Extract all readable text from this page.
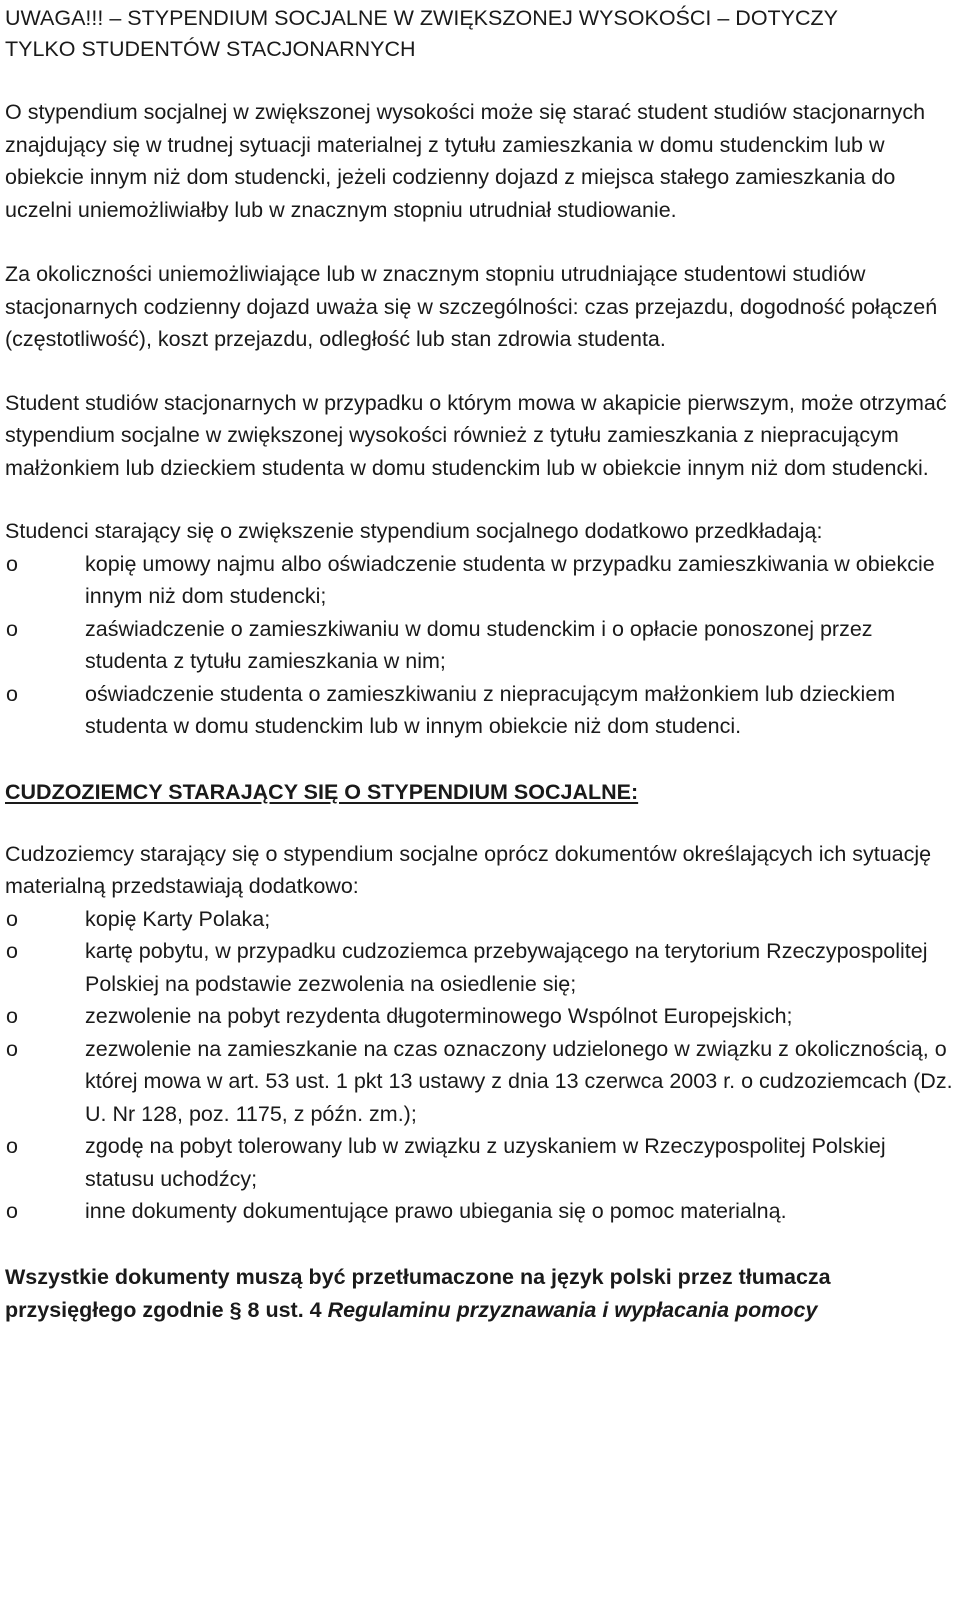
UWAGA!!! – STYPENDIUM SOCJALNE W ZWIĘKSZONEJ WYSOKOŚCI – DOTYCZY
TYLKO STUDENTÓW STACJONARNYCH

O stypendium socjalnej w zwiększonej wysokości może się starać student studiów stacjonarnych znajdujący się w trudnej sytuacji materialnej z tytułu zamieszkania w domu studenckim lub w obiekcie innym niż dom studencki, jeżeli codzienny dojazd z miejsca stałego zamieszkania do uczelni uniemożliwiałby lub w znacznym stopniu utrudniał studiowanie.

Za okoliczności uniemożliwiające lub w znacznym stopniu utrudniające studentowi studiów stacjonarnych codzienny dojazd uważa się w szczególności: czas przejazdu, dogodność połączeń (częstotliwość), koszt przejazdu, odległość lub stan zdrowia studenta.

Student studiów stacjonarnych w przypadku o którym mowa w akapicie pierwszym, może otrzymać stypendium socjalne w zwiększonej wysokości również z tytułu zamieszkania z niepracującym małżonkiem lub dzieckiem studenta w domu studenckim lub w obiekcie innym niż dom studencki.

Studenci starający się o zwiększenie stypendium socjalnego dodatkowo przedkładają:

o	kopię umowy najmu albo oświadczenie studenta w przypadku zamieszkiwania w obiekcie innym niż dom studencki;
o	zaświadczenie o zamieszkiwaniu w domu studenckim i o opłacie ponoszonej przez studenta z tytułu zamieszkania w nim;
o	oświadczenie studenta o zamieszkiwaniu z niepracującym małżonkiem lub dzieckiem studenta w domu studenckim lub w innym obiekcie niż dom studenci.
CUDZOZIEMCY STARAJĄCY SIĘ O STYPENDIUM SOCJALNE:

Cudzoziemcy starający się o stypendium socjalne oprócz dokumentów określających ich sytuację materialną przedstawiają dodatkowo:

o	kopię Karty Polaka;
o	kartę pobytu, w przypadku cudzoziemca przebywającego na terytorium Rzeczypospolitej Polskiej na podstawie zezwolenia na osiedlenie się;
o	zezwolenie na pobyt rezydenta długoterminowego Wspólnot Europejskich;
o	zezwolenie na zamieszkanie na czas oznaczony udzielonego w związku z okolicznością, o której mowa w art. 53 ust. 1 pkt 13 ustawy z dnia 13 czerwca 2003 r. o cudzoziemcach (Dz. U. Nr 128, poz. 1175, z późn. zm.);
o	zgodę na pobyt tolerowany lub w związku z uzyskaniem w Rzeczypospolitej Polskiej statusu uchodźcy;
o	inne dokumenty dokumentujące prawo ubiegania się o pomoc materialną.

Wszystkie dokumenty muszą być przetłumaczone na język polski przez tłumacza przysięgłego zgodnie § 8 ust. 4 Regulaminu przyznawania i wypłacania pomocy
